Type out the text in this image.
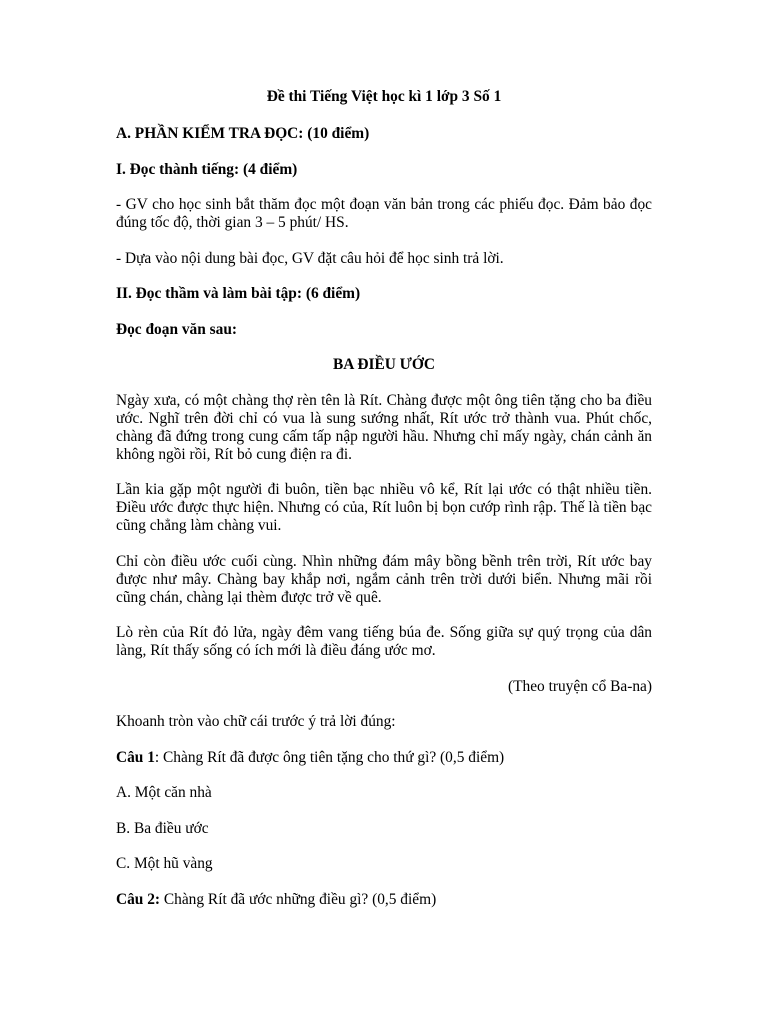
Đề thi Tiếng Việt học kì 1 lớp 3 Số 1

A. PHẦN KIỂM TRA ĐỌC: (10 điểm)

I. Đọc thành tiếng: (4 điểm)

- GV cho học sinh bắt thăm đọc một đoạn văn bản trong các phiếu đọc. Đảm bảo đọc đúng tốc độ, thời gian 3 – 5 phút/ HS.

- Dựa vào nội dung bài đọc, GV đặt câu hỏi để học sinh trả lời.

II. Đọc thầm và làm bài tập: (6 điểm)

Đọc đoạn văn sau:

BA ĐIỀU ƯỚC

Ngày xưa, có một chàng thợ rèn tên là Rít. Chàng được một ông tiên tặng cho ba điều ước. Nghĩ trên đời chỉ có vua là sung sướng nhất, Rít ước trở thành vua. Phút chốc, chàng đã đứng trong cung cấm tấp nập người hầu. Nhưng chỉ mấy ngày, chán cảnh ăn không ngồi rồi, Rít bỏ cung điện ra đi.

Lần kia gặp một người đi buôn, tiền bạc nhiều vô kể, Rít lại ước có thật nhiều tiền. Điều ước được thực hiện. Nhưng có của, Rít luôn bị bọn cướp rình rập. Thế là tiền bạc cũng chẳng làm chàng vui.

Chỉ còn điều ước cuối cùng. Nhìn những đám mây bồng bềnh trên trời, Rít ước bay được như mây. Chàng bay khắp nơi, ngắm cảnh trên trời dưới biển. Nhưng mãi rồi cũng chán, chàng lại thèm được trở về quê.

Lò rèn của Rít đỏ lửa, ngày đêm vang tiếng búa đe. Sống giữa sự quý trọng của dân làng, Rít thấy sống có ích mới là điều đáng ước mơ.

(Theo truyện cổ Ba-na)

Khoanh tròn vào chữ cái trước ý trả lời đúng:

Câu 1: Chàng Rít đã được ông tiên tặng cho thứ gì? (0,5 điểm)

A. Một căn nhà

B. Ba điều ước

C. Một hũ vàng

Câu 2: Chàng Rít đã ước những điều gì? (0,5 điểm)
